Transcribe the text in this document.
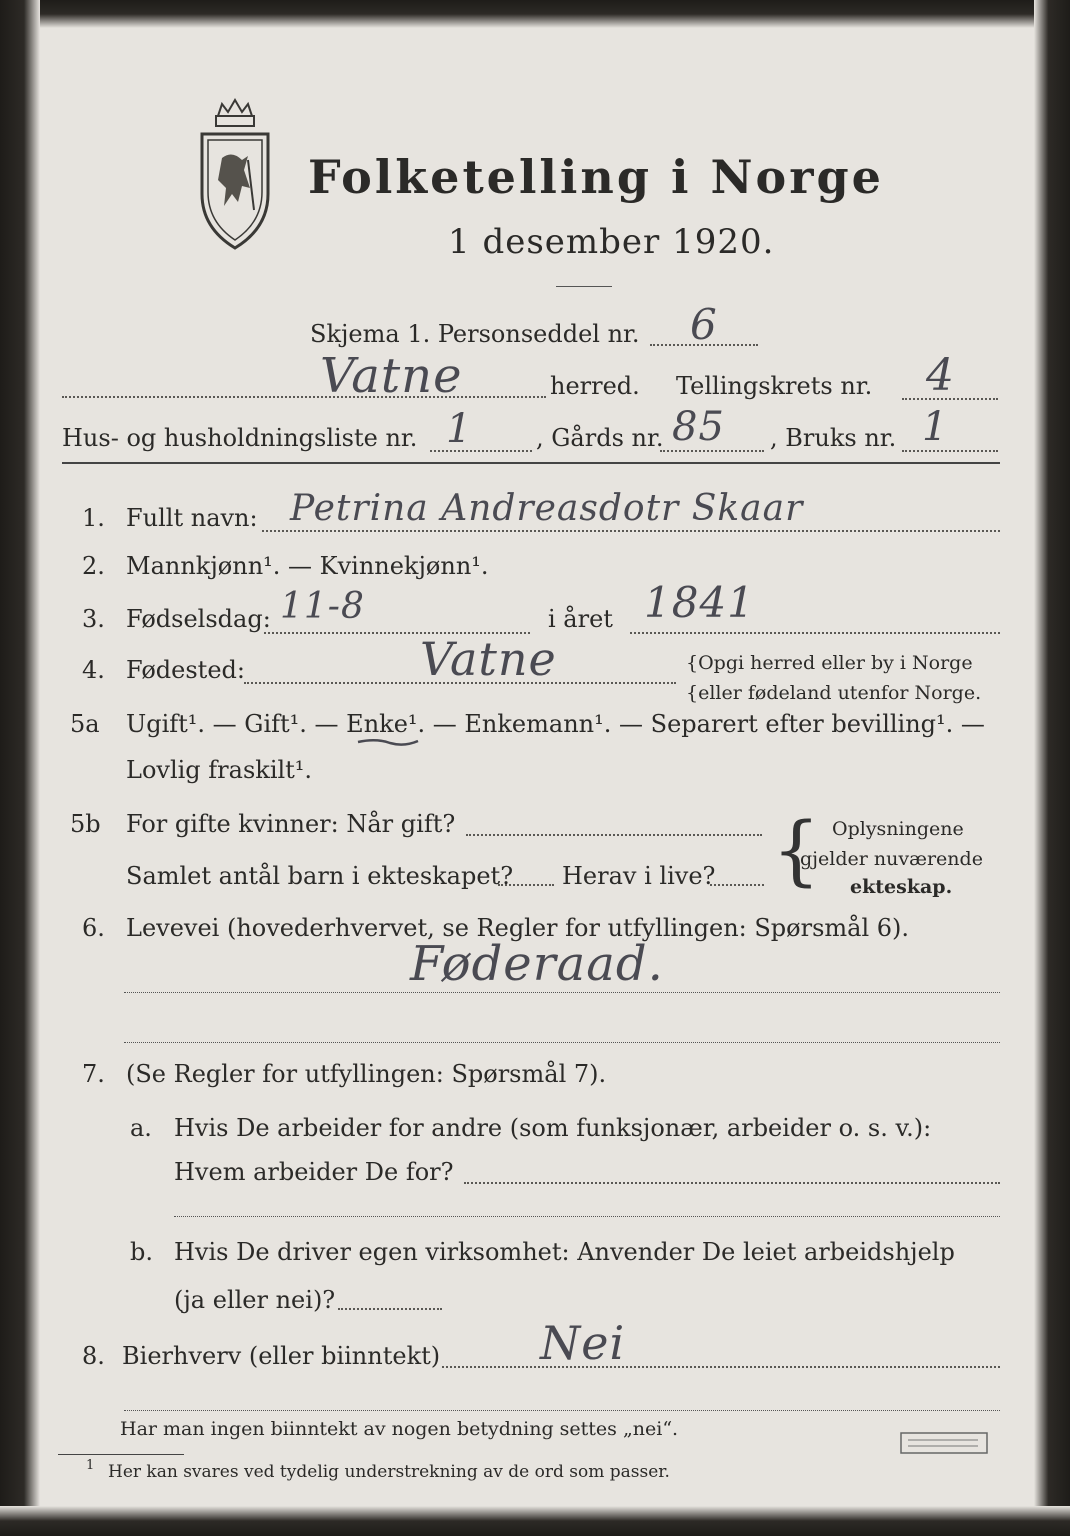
Folketelling i Norge
1 desember 1920.
Skjema 1. Personseddel nr. 6
Vatne	herred. Tellingskrets nr. 4
Hus- og husholdningsliste nr. 1	, Gårds nr. 85 , Bruks nr. 1
1. Fullt navn: Petrina Andreasdotr Skaar
2. Mannkjønn¹. — Kvinnekjønn¹.
3. Fødselsdag: 11-8	i året 1841
4. Fødested:	Vatne	{Opgi herred eller by i Norge
{eller fødeland utenfor Norge.
5a Ugift¹. — Gift¹. — Enke¹. — Enkemann¹. — Separert efter bevilling¹. —
Lovlig fraskilt¹.
5b For gifte kvinner: Når gift?
Samlet antål barn i ekteskapet? Herav i live? { Oplysningene
gjelder nuværende
ekteskap.
6. Levevei (hovederhvervet, se Regler for utfyllingen: Spørsmål 6).
Føderaad.
7. (Se Regler for utfyllingen: Spørsmål 7).
a. Hvis De arbeider for andre (som funksjonær, arbeider o. s. v.):
Hvem arbeider De for?
b. Hvis De driver egen virksomhet: Anvender De leiet arbeidshjelp
(ja eller nei)?
8. Bierhverv (eller biinntekt) Nei
Har man ingen biinntekt av nogen betydning settes „nei“.
1 Her kan svares ved tydelig understrekning av de ord som passer.
